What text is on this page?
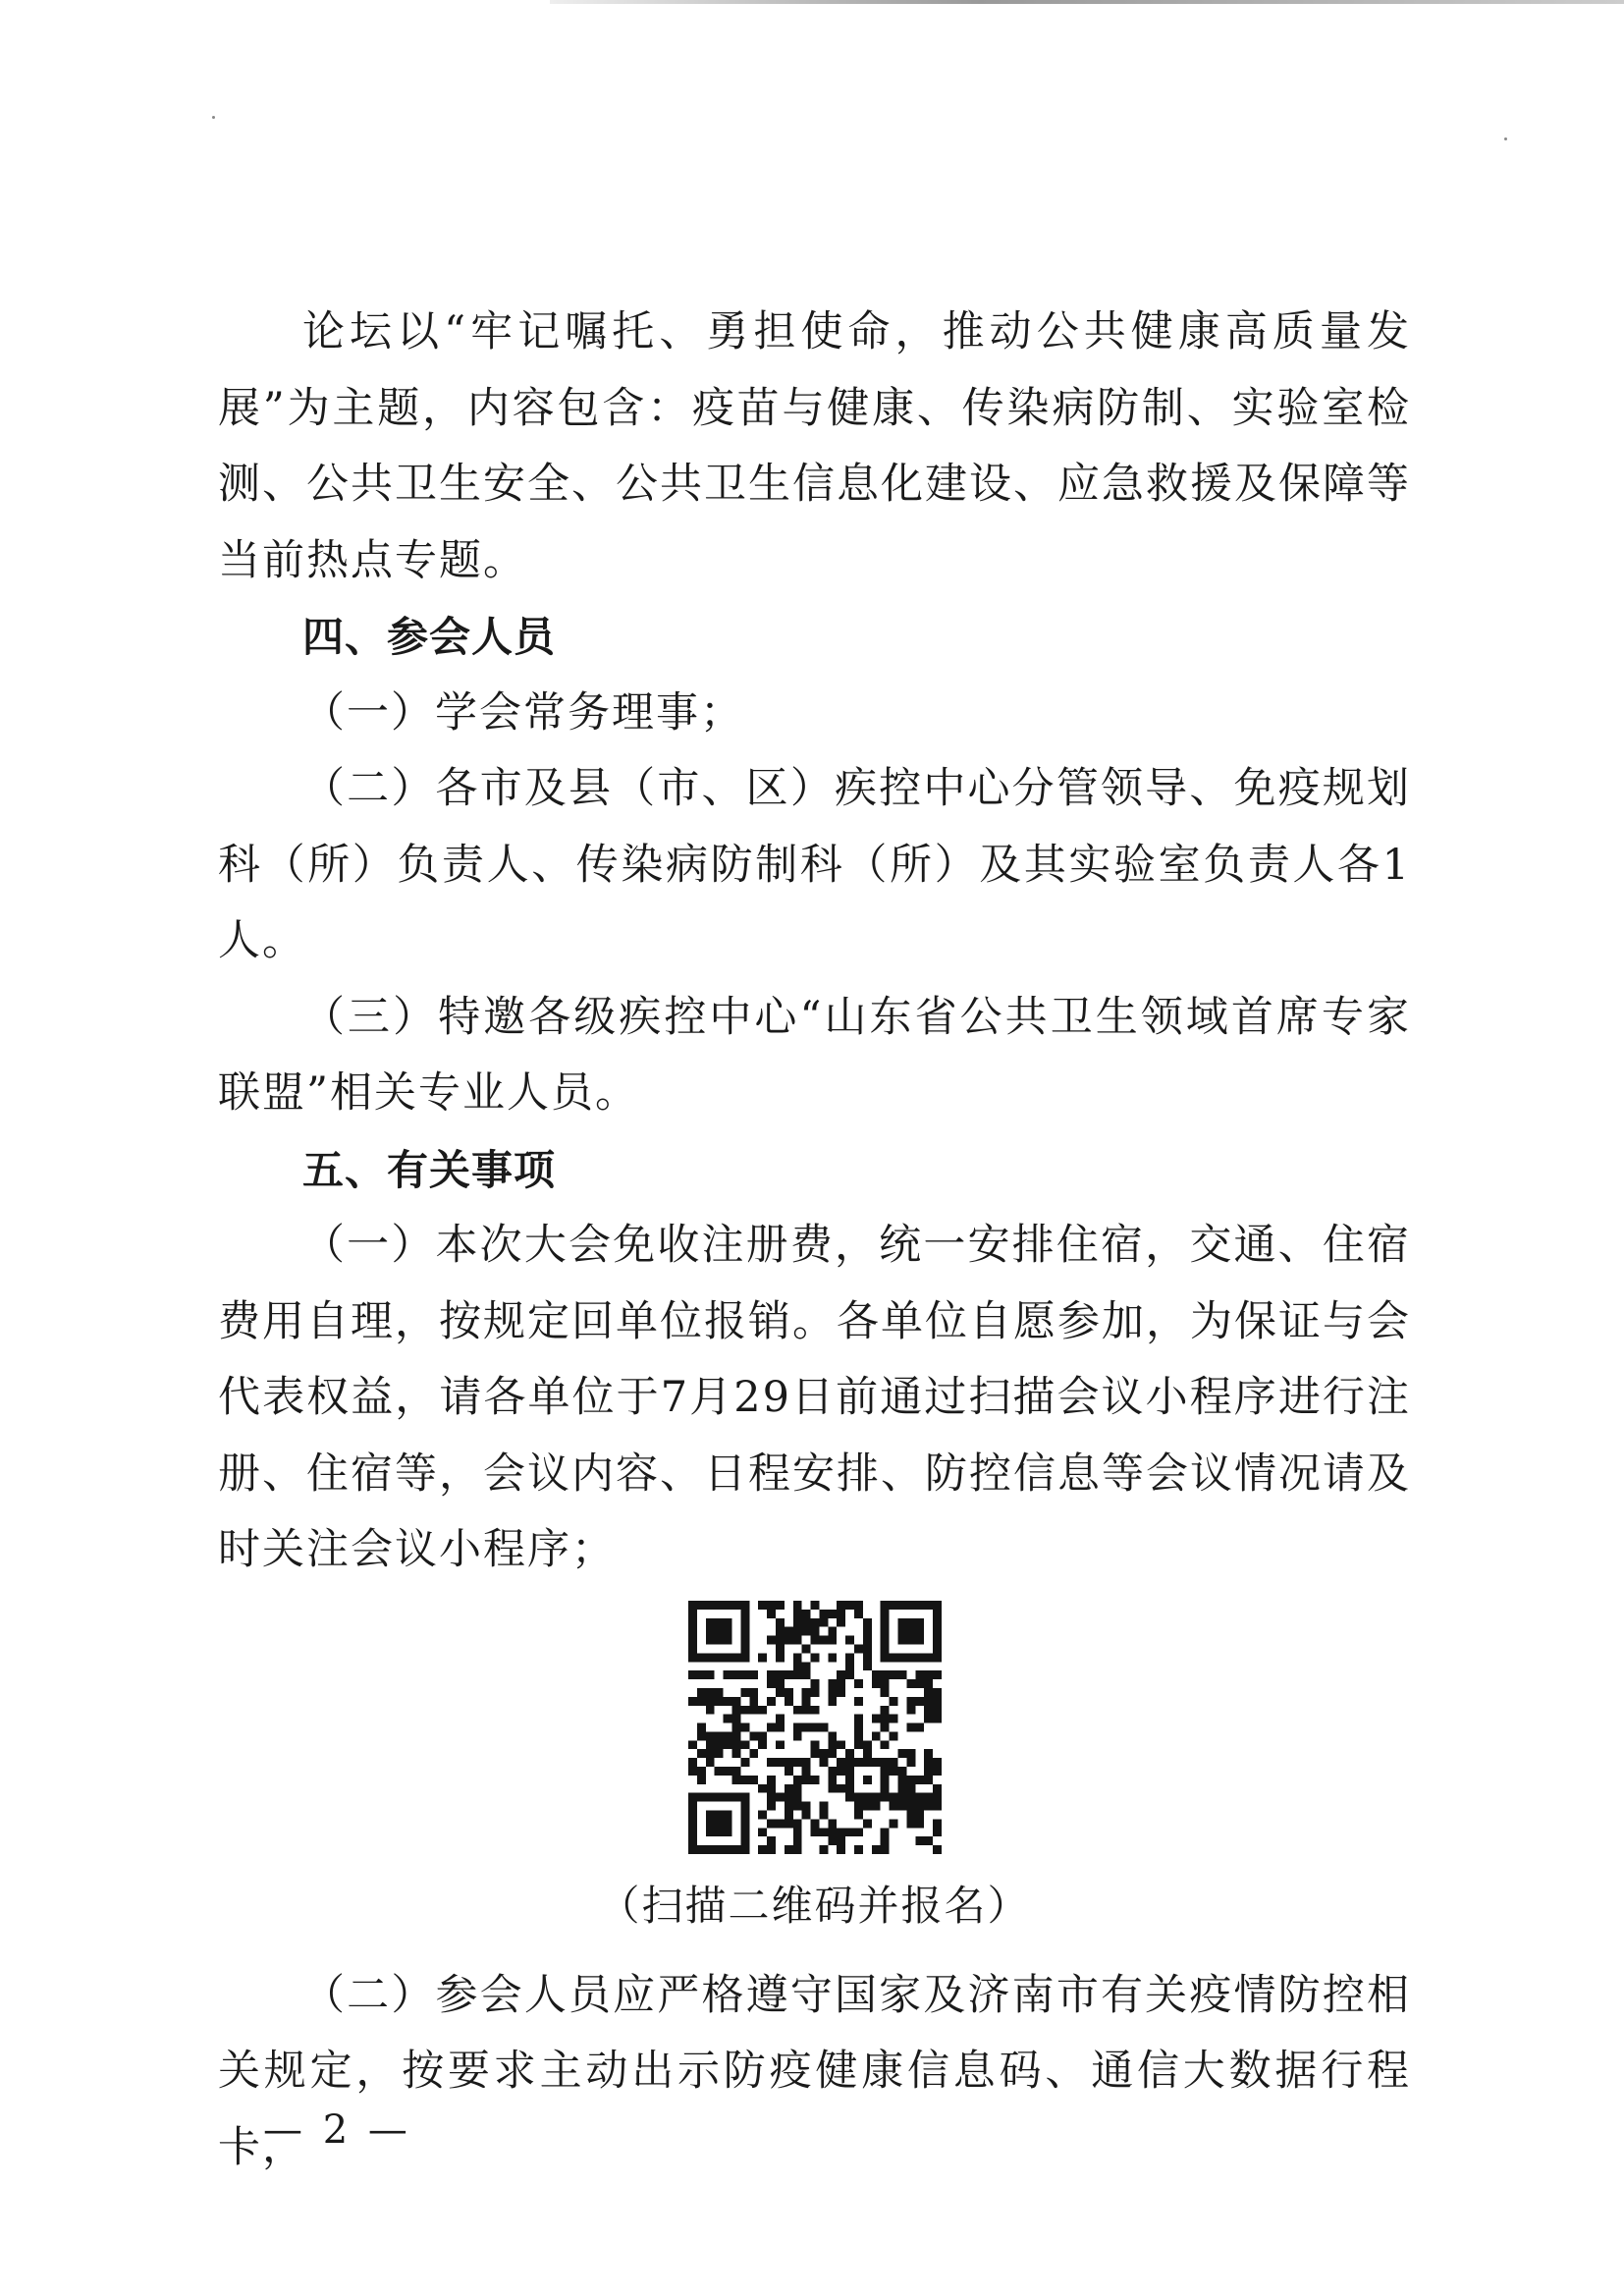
论坛以“牢记嘱托、勇担使命，推动公共健康高质量发展”为主题，内容包含：疫苗与健康、传染病防制、实验室检测、公共卫生安全、公共卫生信息化建设、应急救援及保障等当前热点专题。

四、参会人员

（一）学会常务理事；

（二）各市及县（市、区）疾控中心分管领导、免疫规划科（所）负责人、传染病防制科（所）及其实验室负责人各1人。

（三）特邀各级疾控中心“山东省公共卫生领域首席专家联盟”相关专业人员。

五、有关事项

（一）本次大会免收注册费，统一安排住宿，交通、住宿费用自理，按规定回单位报销。各单位自愿参加，为保证与会代表权益，请各单位于7月29日前通过扫描会议小程序进行注册、住宿等，会议内容、日程安排、防控信息等会议情况请及时关注会议小程序；

（扫描二维码并报名）

（二）参会人员应严格遵守国家及济南市有关疫情防控相关规定，按要求主动出示防疫健康信息码、通信大数据行程卡，

— 2 —
